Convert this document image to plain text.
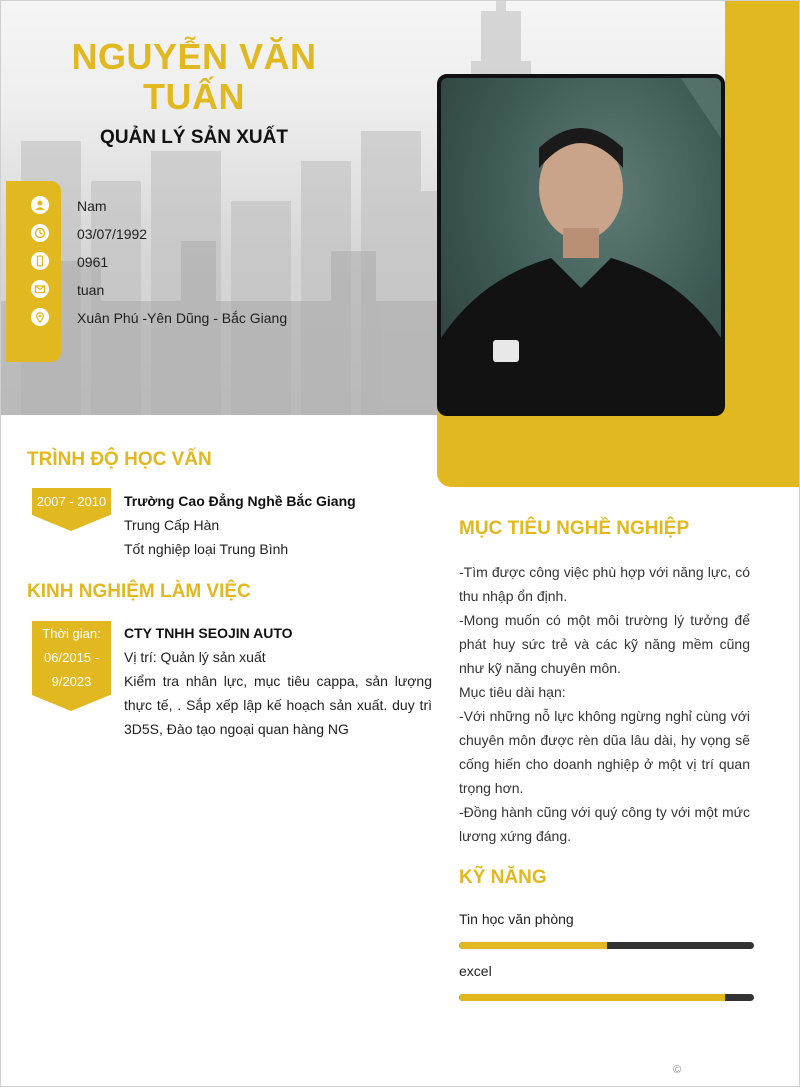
NGUYỄN VĂN TUẤN
QUẢN LÝ SẢN XUẤT
Nam
03/07/1992
0961
tuan
Xuân Phú -Yên Dũng - Bắc Giang
TRÌNH ĐỘ HỌC VẤN
2007 - 2010	Trường Cao Đẳng Nghề Bắc Giang
Trung Cấp Hàn
Tốt nghiệp loại Trung Bình
KINH NGHIỆM LÀM VIỆC
Thời gian:
06/2015 -
9/2023
CTY TNHH SEOJIN AUTO
Vị trí: Quản lý sản xuất
Kiểm tra nhân lực, mục tiêu cappa, sản lượng thực tế, . Sắp xếp lập kế hoạch sản xuất. duy trì 3D5S, Đào tạo ngoại quan hàng NG
MỤC TIÊU NGHỀ NGHIỆP
-Tìm được công việc phù hợp với năng lực, có thu nhập ổn định.
-Mong muốn có một môi trường lý tưởng để phát huy sức trẻ và các kỹ năng mềm cũng như kỹ năng chuyên môn.
Mục tiêu dài hạn:
-Với những nỗ lực không ngừng nghỉ cùng với chuyên môn được rèn dũa lâu dài, hy vọng sẽ cống hiến cho doanh nghiệp ở một vị trí quan trọng hơn.
-Đồng hành cũng với quý công ty với một mức lương xứng đáng.
KỸ NĂNG
Tin học văn phòng
excel
©
